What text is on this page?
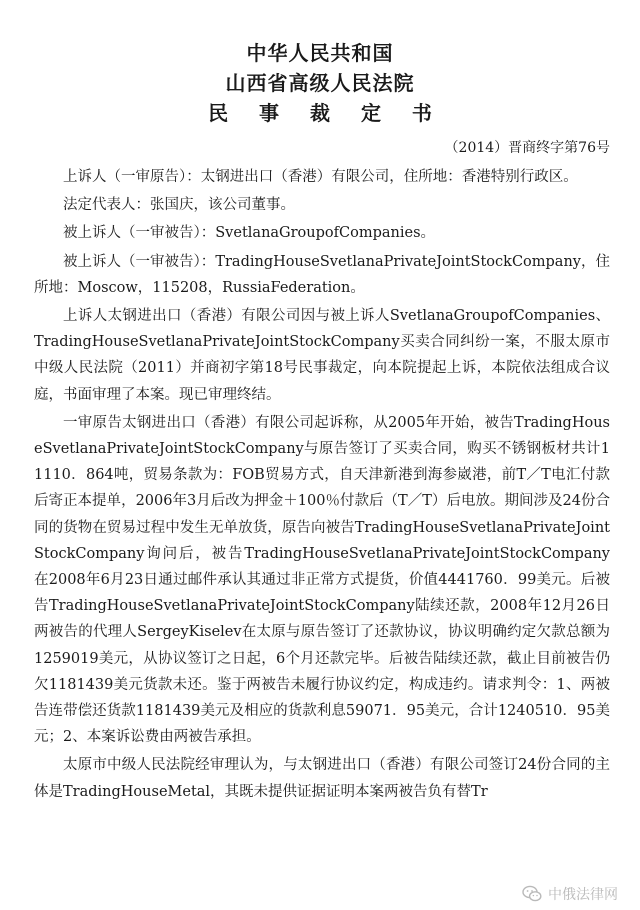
中华人民共和国
山西省高级人民法院
民 事 裁 定 书
（2014）晋商终字第76号

上诉人（一审原告）：太钢进出口（香港）有限公司，住所地：香港特别行政区。

法定代表人：张国庆，该公司董事。

被上诉人（一审被告）：SvetlanaGroupofCompanies。

被上诉人（一审被告）：TradingHouseSvetlanaPrivateJointStockCompany，住所地：Moscow，115208，RussiaFederation。

上诉人太钢进出口（香港）有限公司因与被上诉人SvetlanaGroupofCompanies、TradingHouseSvetlanaPrivateJointStockCompany买卖合同纠纷一案，不服太原市中级人民法院（2011）并商初字第18号民事裁定，向本院提起上诉，本院依法组成合议庭，书面审理了本案。现已审理终结。

一审原告太钢进出口（香港）有限公司起诉称，从2005年开始，被告TradingHouseSvetlanaPrivateJointStockCompany与原告签订了买卖合同，购买不锈钢板材共计11110．864吨，贸易条款为：FOB贸易方式，自天津新港到海参崴港，前T／T电汇付款后寄正本提单，2006年3月后改为押金＋100％付款后（T／T）后电放。期间涉及24份合同的货物在贸易过程中发生无单放货，原告向被告TradingHouseSvetlanaPrivateJointStockCompany询问后，被告TradingHouseSvetlanaPrivateJointStockCompany在2008年6月23日通过邮件承认其通过非正常方式提货，价值4441760．99美元。后被告TradingHouseSvetlanaPrivateJointStockCompany陆续还款，2008年12月26日两被告的代理人SergeyKiselev在太原与原告签订了还款协议，协议明确约定欠款总额为1259019美元，从协议签订之日起，6个月还款完毕。后被告陆续还款，截止目前被告仍欠1181439美元货款未还。鉴于两被告未履行协议约定，构成违约。请求判令：1、两被告连带偿还货款1181439美元及相应的货款利息59071．95美元，合计1240510．95美元；2、本案诉讼费由两被告承担。

太原市中级人民法院经审理认为，与太钢进出口（香港）有限公司签订24份合同的主体是TradingHouseMetal，其既未提供证据证明本案两被告负有替Tr

中俄法律网
